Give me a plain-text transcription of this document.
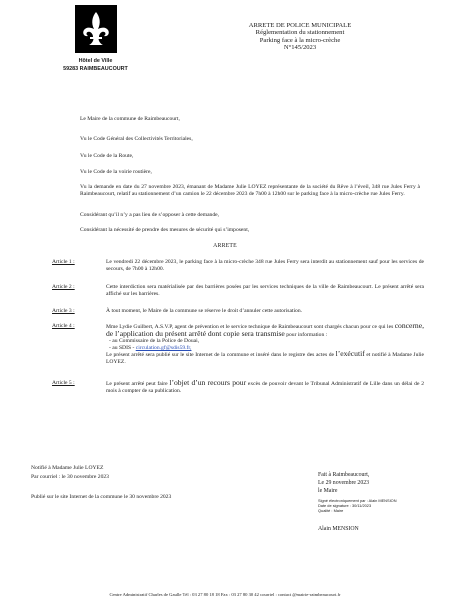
Hôtel de Ville
59283 RAIMBEAUCOURT
ARRETE DE POLICE MUNICIPALE
Réglementation du stationnement
Parking face à la micro-crèche
N°145/2023
Le Maire de la commune de Raimbeaucourt,
Vu le Code Général des Collectivités Territoriales,
Vu le Code de la Route,
Vu le Code de la voirie routière,
Vu la demande en date du 27 novembre 2023, émanant de Madame Julie LOYEZ représentante de la société du Rêve à l’éveil, 348 rue Jules Ferry à Raimbeaucourt, relatif au stationnement d’un camion le 22 décembre 2023 de 7h00 à 12h00 sur le parking face à la micro-crèche rue Jules Ferry.
Considérant qu’il n’y a pas lieu de s’opposer à cette demande,
Considérant la nécessité de prendre des mesures de sécurité qui s’imposent,
ARRETE
Article 1 :	Le vendredi 22 décembre 2023, le parking face à la micro-crèche 348 rue Jules Ferry sera interdit au stationnement sauf pour les services de secours, de 7h00 à 12h00.
Article 2 :	Cette interdiction sera matérialisée par des barrières posées par les services techniques de la ville de Raimbeaucourt. Le présent arrêté sera affiché sur les barrières.
Article 3 :	À tout moment, le Maire de la commune se réserve le droit d’annuler cette autorisation.
Article 4 :	Mme Lydie Guilbert, A.S.V.P, agent de prévention et le service technique de Raimbeaucourt sont chargés chacun pour ce qui les concerne, de l’application du présent arrêté dont copie sera transmise pour information :

- au Commissaire de la Police de Douai,
- au SDIS - circulation.gf@sdis59.fr,

Le présent arrêté sera publié sur le site Internet de la commune et inséré dans le registre des actes de l’exécutif et notifié à Madame Julie LOYEZ.

Article 5 :	Le présent arrêté peut faire l’objet d’un recours pour excès de pouvoir devant le Tribunal Administratif de Lille dans un délai de 2 mois à compter de sa publication.
Notifié à Madame Julie LOYEZ
Par courriel : le 30 novembre 2023
Publié sur le site Internet de la commune le 30 novembre 2023
Fait à Raimbeaucourt,
Le 29 novembre 2023
le Maire
Signé électroniquement par : Alain MENSION
Date de signature : 30/11/2023
Qualité : Maire
Alain MENSION
Centre Administratif Charles de Gaulle Tél : 03 27 80 18 18 Fax : 03 27 80 30 42 courriel : contact @mairie-raimbeaucourt.fr
